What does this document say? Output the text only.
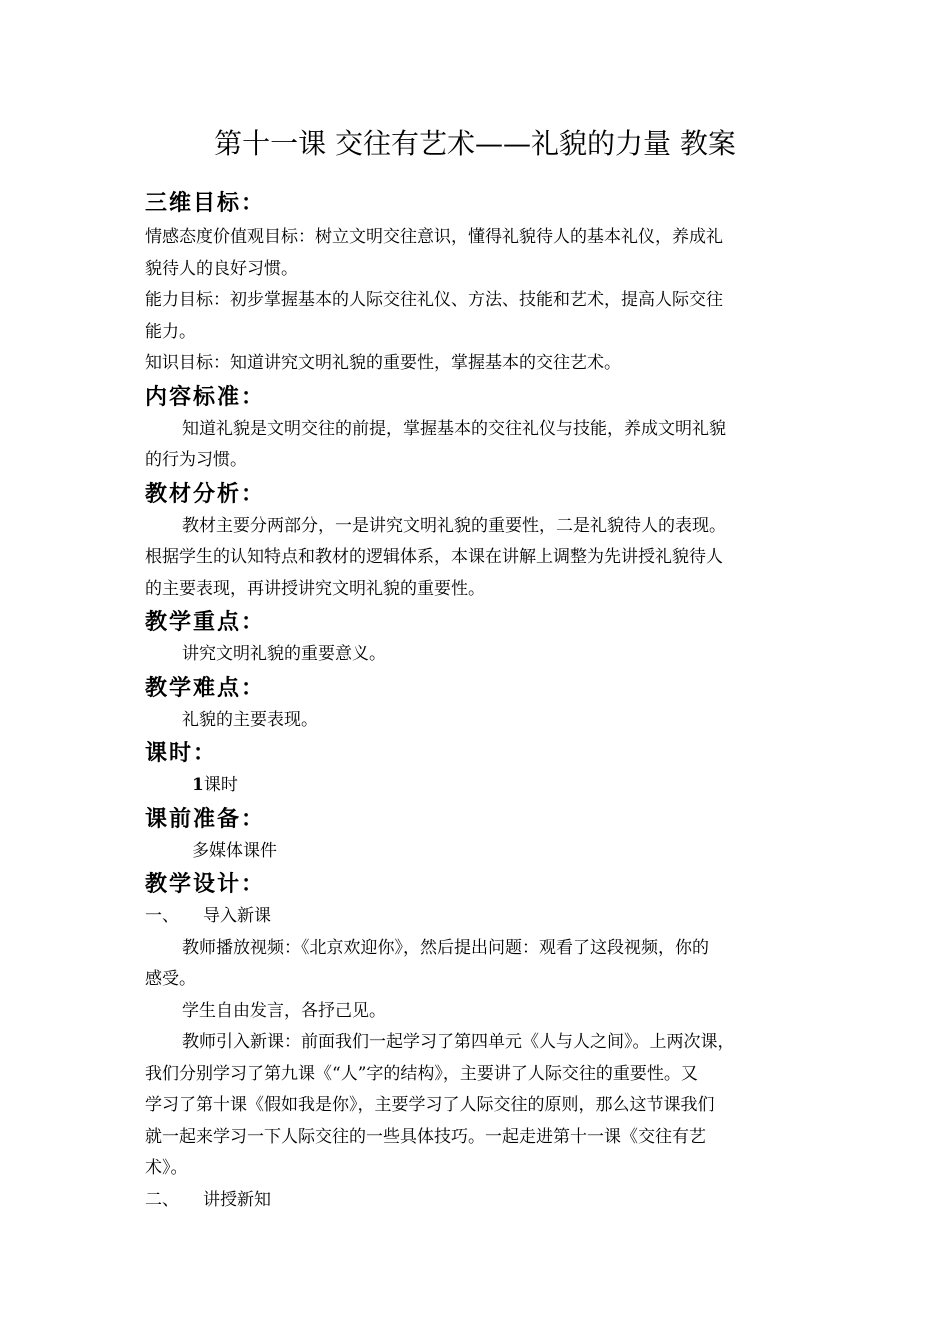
第十一课 交往有艺术——礼貌的力量 教案

三维目标：

情感态度价值观目标：树立文明交往意识，懂得礼貌待人的基本礼仪，养成礼

貌待人的良好习惯。

能力目标：初步掌握基本的人际交往礼仪、方法、技能和艺术，提高人际交往

能力。

知识目标：知道讲究文明礼貌的重要性，掌握基本的交往艺术。

内容标准：

知道礼貌是文明交往的前提，掌握基本的交往礼仪与技能，养成文明礼貌

的行为习惯。

教材分析：

教材主要分两部分，一是讲究文明礼貌的重要性，二是礼貌待人的表现。

根据学生的认知特点和教材的逻辑体系，本课在讲解上调整为先讲授礼貌待人

的主要表现，再讲授讲究文明礼貌的重要性。

教学重点：

讲究文明礼貌的重要意义。

教学难点：

礼貌的主要表现。

课时：

1课时

课前准备：

多媒体课件

教学设计：

一、 导入新课

教师播放视频：《北京欢迎你》，然后提出问题：观看了这段视频，你的

感受。

学生自由发言，各抒己见。

教师引入新课：前面我们一起学习了第四单元《人与人之间》。上两次课，

我们分别学习了第九课《“人”字的结构》，主要讲了人际交往的重要性。又

学习了第十课《假如我是你》，主要学习了人际交往的原则，那么这节课我们

就一起来学习一下人际交往的一些具体技巧。一起走进第十一课《交往有艺

术》。

二、 讲授新知
